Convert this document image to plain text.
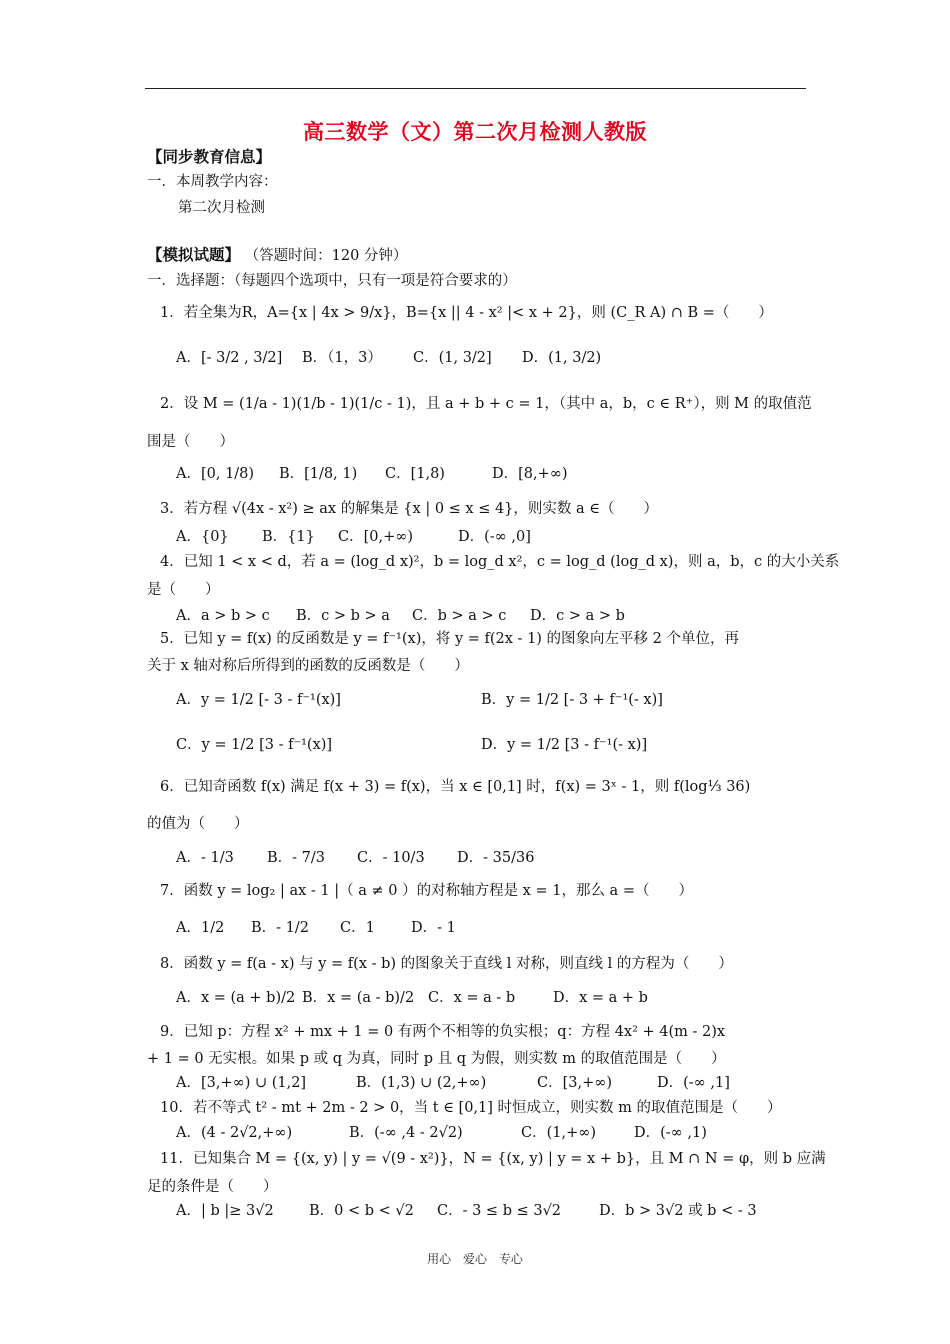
高三数学（文）第二次月检测人教版
【同步教育信息】
一．本周教学内容：
第二次月检测
【模拟试题】 （答题时间：120 分钟）
一．选择题：（每题四个选项中，只有一项是符合要求的）
1．若全集为R，A={x | 4x > 9/x}，B={x || 4 - x² |< x + 2}，则 (C_R A) ∩ B =（　　）
A．[- 3/2 , 3/2] B．（1，3） C．(1, 3/2] D．(1, 3/2)
2．设 M = (1/a - 1)(1/b - 1)(1/c - 1)，且 a + b + c = 1，（其中 a，b，c ∈ R⁺），则 M 的取值范
围是（　　）
A．[0, 1/8) B．[1/8, 1) C．[1,8)	D．[8,+∞)
3．若方程 √(4x - x²) ≥ ax 的解集是 {x | 0 ≤ x ≤ 4}，则实数 a ∈（　　）
A．{0} B．{1} C．[0,+∞)	D．(-∞ ,0]
4．已知 1 < x < d，若 a = (log_d x)²，b = log_d x²，c = log_d (log_d x)，则 a，b，c 的大小关系
是（　　）
A．a > b > c B．c > b > a C．b > a > c D．c > a > b
5．已知 y = f(x) 的反函数是 y = f⁻¹(x)，将 y = f(2x - 1) 的图象向左平移 2 个单位，再
关于 x 轴对称后所得到的函数的反函数是（　　）
A．y = 1/2 [- 3 - f⁻¹(x)]	B．y = 1/2 [- 3 + f⁻¹(- x)]
C．y = 1/2 [3 - f⁻¹(x)]	D．y = 1/2 [3 - f⁻¹(- x)]
6．已知奇函数 f(x) 满足 f(x + 3) = f(x)，当 x ∈ [0,1] 时，f(x) = 3ˣ - 1，则 f(log⅓ 36)
的值为（　　）
A．- 1/3 B．- 7/3 C．- 10/3 D．- 35/36
7．函数 y = log₂ | ax - 1 |（ a ≠ 0 ）的对称轴方程是 x = 1，那么 a =（　　）
A．1/2 B．- 1/2 C．1 D．- 1
8．函数 y = f(a - x) 与 y = f(x - b) 的图象关于直线 l 对称，则直线 l 的方程为（　　）
A．x = (a + b)/2 B．x = (a - b)/2 C．x = a - b	D．x = a + b
9．已知 p：方程 x² + mx + 1 = 0 有两个不相等的负实根；q：方程 4x² + 4(m - 2)x
+ 1 = 0 无实根。如果 p 或 q 为真，同时 p 且 q 为假，则实数 m 的取值范围是（　　）
A．[3,+∞) ∪ (1,2]	B．(1,3) ∪ (2,+∞)	C．[3,+∞)	D．(-∞ ,1]
10．若不等式 t² - mt + 2m - 2 > 0，当 t ∈ [0,1] 时恒成立，则实数 m 的取值范围是（　　）
A．(4 - 2√2,+∞)	B．(-∞ ,4 - 2√2)	C．(1,+∞)	D．(-∞ ,1)
11．已知集合 M = {(x, y) | y = √(9 - x²)}，N = {(x, y) | y = x + b}，且 M ∩ N = φ，则 b 应满
足的条件是（　　）
A．| b |≥ 3√2 B．0 < b < √2 C．- 3 ≤ b ≤ 3√2	D．b > 3√2 或 b < - 3
用心 爱心 专心
